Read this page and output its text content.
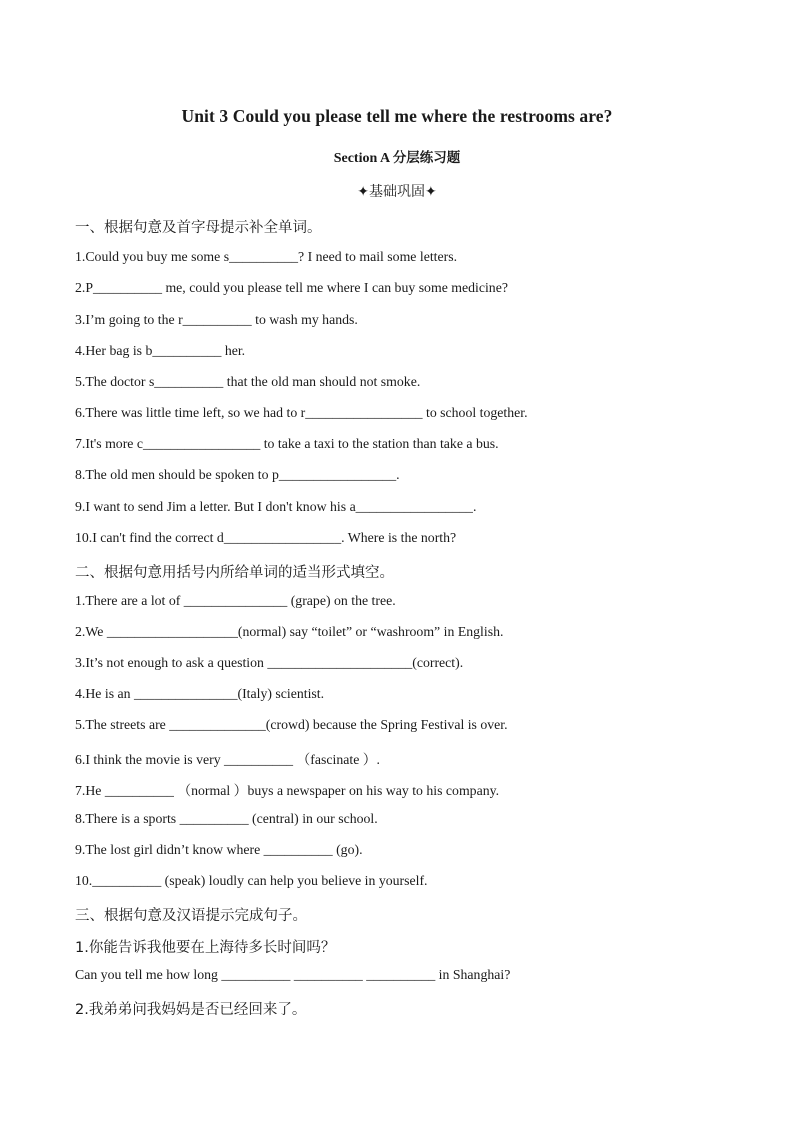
Unit 3 Could you please tell me where the restrooms are?
Section A 分层练习题
✦基础巩固✦
一、根据句意及首字母提示补全单词。
1.Could you buy me some s__________? I need to mail some letters.
2.P__________ me, could you please tell me where I can buy some medicine?
3.I’m going to the r__________ to wash my hands.
4.Her bag is b__________ her.
5.The doctor s__________ that the old man should not smoke.
6.There was little time left, so we had to r_________________ to school together.
7.It's more c_________________ to take a taxi to the station than take a bus.
8.The old men should be spoken to p_________________.
9.I want to send Jim a letter. But I don't know his a_________________.
10.I can't find the correct d_________________. Where is the north?
二、根据句意用括号内所给单词的适当形式填空。
1.There are a lot of _______________ (grape) on the tree.
2.We ___________________(normal) say “toilet” or “washroom” in English.
3.It’s not enough to ask a question _____________________(correct).
4.He is an _______________(Italy) scientist.
5.The streets are ______________(crowd) because the Spring Festival is over.
6.I think the movie is very __________ （fascinate ）.
7.He __________ （normal ）buys a newspaper on his way to his company.
8.There is a sports __________ (central) in our school.
9.The lost girl didn’t know where __________ (go).
10.__________ (speak) loudly can help you believe in yourself.
三、根据句意及汉语提示完成句子。
1.你能告诉我他要在上海待多长时间吗？
Can you tell me how long __________ __________ __________ in Shanghai?
2.我弟弟问我妈妈是否已经回来了。
